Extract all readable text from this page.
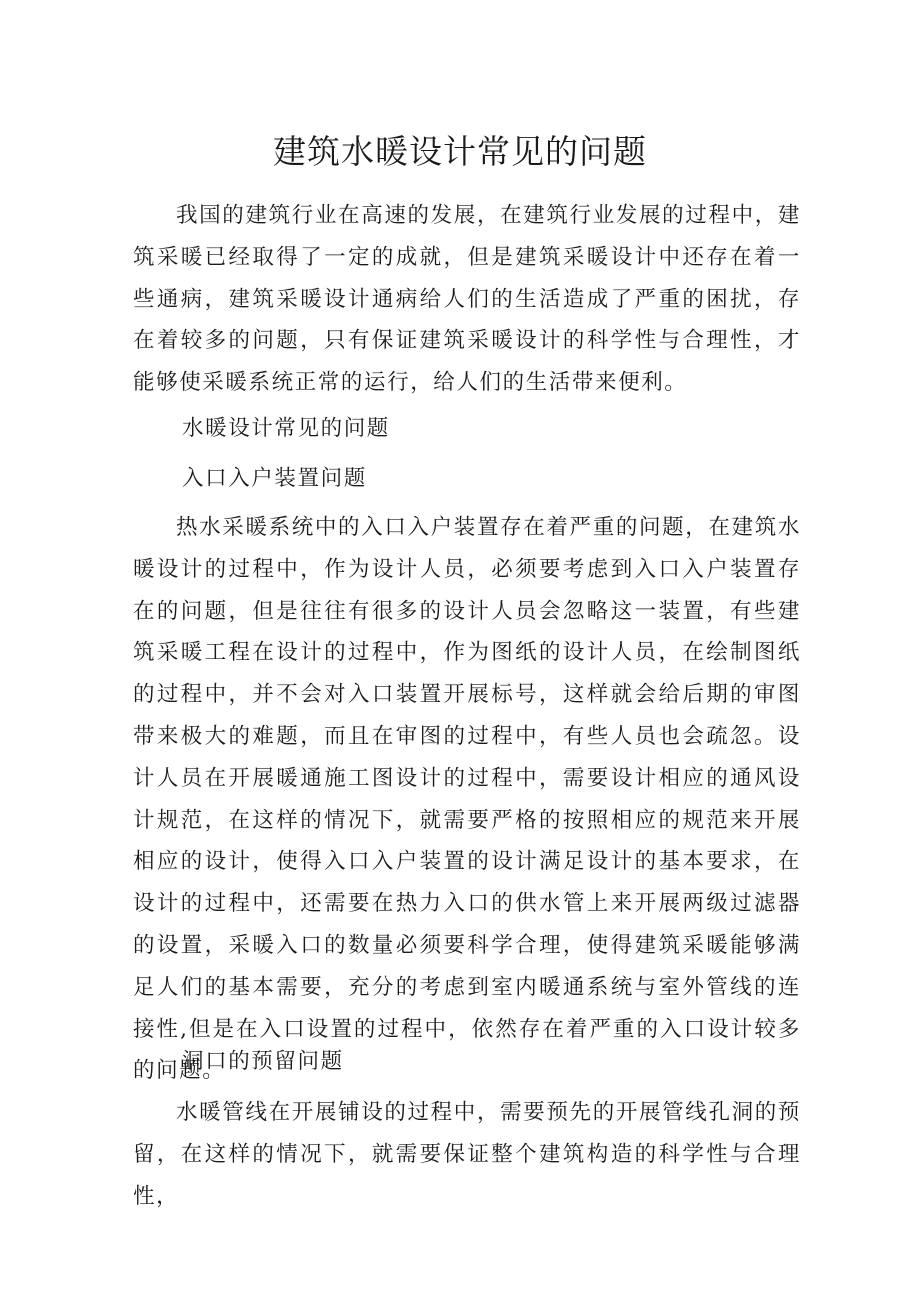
建筑水暖设计常见的问题

我国的建筑行业在高速的发展，在建筑行业发展的过程中，建筑采暖已经取得了一定的成就，但是建筑采暖设计中还存在着一些通病，建筑采暖设计通病给人们的生活造成了严重的困扰，存在着较多的问题，只有保证建筑采暖设计的科学性与合理性，才能够使采暖系统正常的运行，给人们的生活带来便利。

水暖设计常见的问题
入口入户装置问题

热水采暖系统中的入口入户装置存在着严重的问题，在建筑水暖设计的过程中，作为设计人员，必须要考虑到入口入户装置存在的问题，但是往往有很多的设计人员会忽略这一装置，有些建筑采暖工程在设计的过程中，作为图纸的设计人员，在绘制图纸的过程中，并不会对入口装置开展标号，这样就会给后期的审图带来极大的难题，而且在审图的过程中，有些人员也会疏忽。设计人员在开展暖通施工图设计的过程中，需要设计相应的通风设计规范，在这样的情况下，就需要严格的按照相应的规范来开展相应的设计，使得入口入户装置的设计满足设计的基本要求，在设计的过程中，还需要在热力入口的供水管上来开展两级过滤器的设置，采暖入口的数量必须要科学合理，使得建筑采暖能够满足人们的基本需要，充分的考虑到室内暖通系统与室外管线的连接性,但是在入口设置的过程中，依然存在着严重的入口设计较多的问题。

洞口的预留问题

水暖管线在开展铺设的过程中，需要预先的开展管线孔洞的预留，在这样的情况下，就需要保证整个建筑构造的科学性与合理性，
